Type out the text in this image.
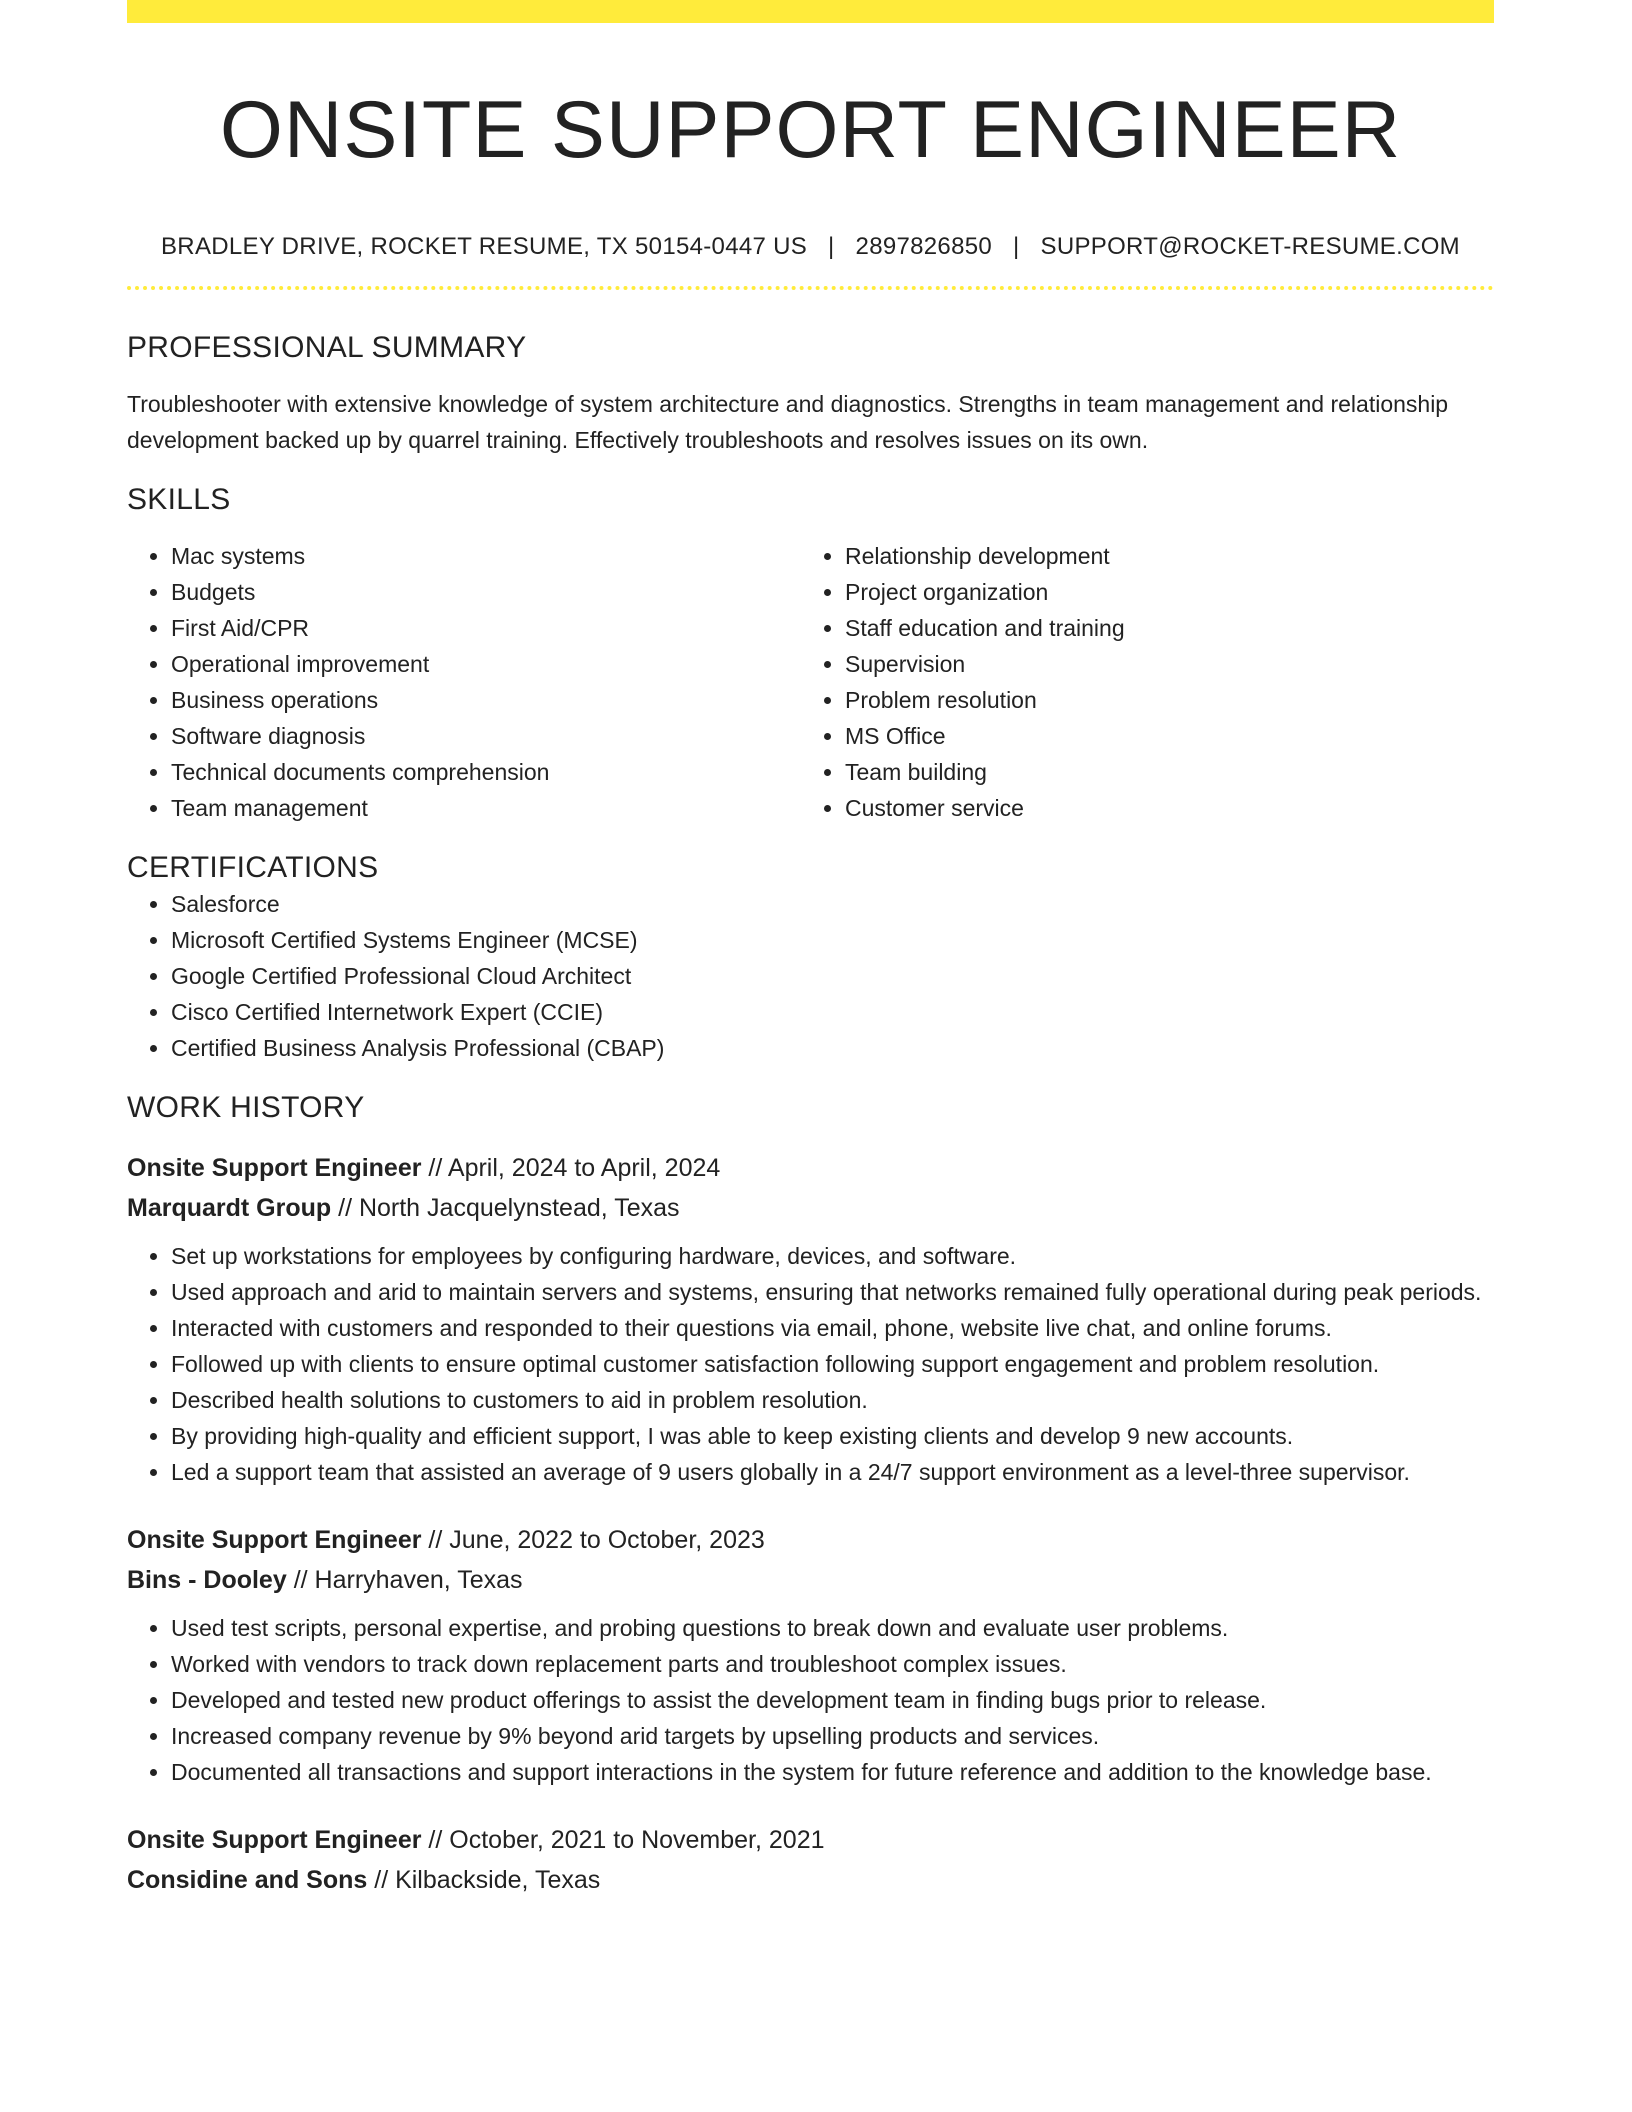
ONSITE SUPPORT ENGINEER
BRADLEY DRIVE, ROCKET RESUME, TX 50154-0447 US | 2897826850 | SUPPORT@ROCKET-RESUME.COM
PROFESSIONAL SUMMARY
Troubleshooter with extensive knowledge of system architecture and diagnostics. Strengths in team management and relationship development backed up by quarrel training. Effectively troubleshoots and resolves issues on its own.
SKILLS
• Mac systems
• Budgets
• First Aid/CPR
• Operational improvement
• Business operations
• Software diagnosis
• Technical documents comprehension
• Team management
• Relationship development
• Project organization
• Staff education and training
• Supervision
• Problem resolution
• MS Office
• Team building
• Customer service
CERTIFICATIONS
• Salesforce
• Microsoft Certified Systems Engineer (MCSE)
• Google Certified Professional Cloud Architect
• Cisco Certified Internetwork Expert (CCIE)
• Certified Business Analysis Professional (CBAP)
WORK HISTORY
Onsite Support Engineer // April, 2024 to April, 2024
Marquardt Group // North Jacquelynstead, Texas
• Set up workstations for employees by configuring hardware, devices, and software.
• Used approach and arid to maintain servers and systems, ensuring that networks remained fully operational during peak periods.
• Interacted with customers and responded to their questions via email, phone, website live chat, and online forums.
• Followed up with clients to ensure optimal customer satisfaction following support engagement and problem resolution.
• Described health solutions to customers to aid in problem resolution.
• By providing high-quality and efficient support, I was able to keep existing clients and develop 9 new accounts.
• Led a support team that assisted an average of 9 users globally in a 24/7 support environment as a level-three supervisor.
Onsite Support Engineer // June, 2022 to October, 2023
Bins - Dooley // Harryhaven, Texas
• Used test scripts, personal expertise, and probing questions to break down and evaluate user problems.
• Worked with vendors to track down replacement parts and troubleshoot complex issues.
• Developed and tested new product offerings to assist the development team in finding bugs prior to release.
• Increased company revenue by 9% beyond arid targets by upselling products and services.
• Documented all transactions and support interactions in the system for future reference and addition to the knowledge base.
Onsite Support Engineer // October, 2021 to November, 2021
Considine and Sons // Kilbackside, Texas
